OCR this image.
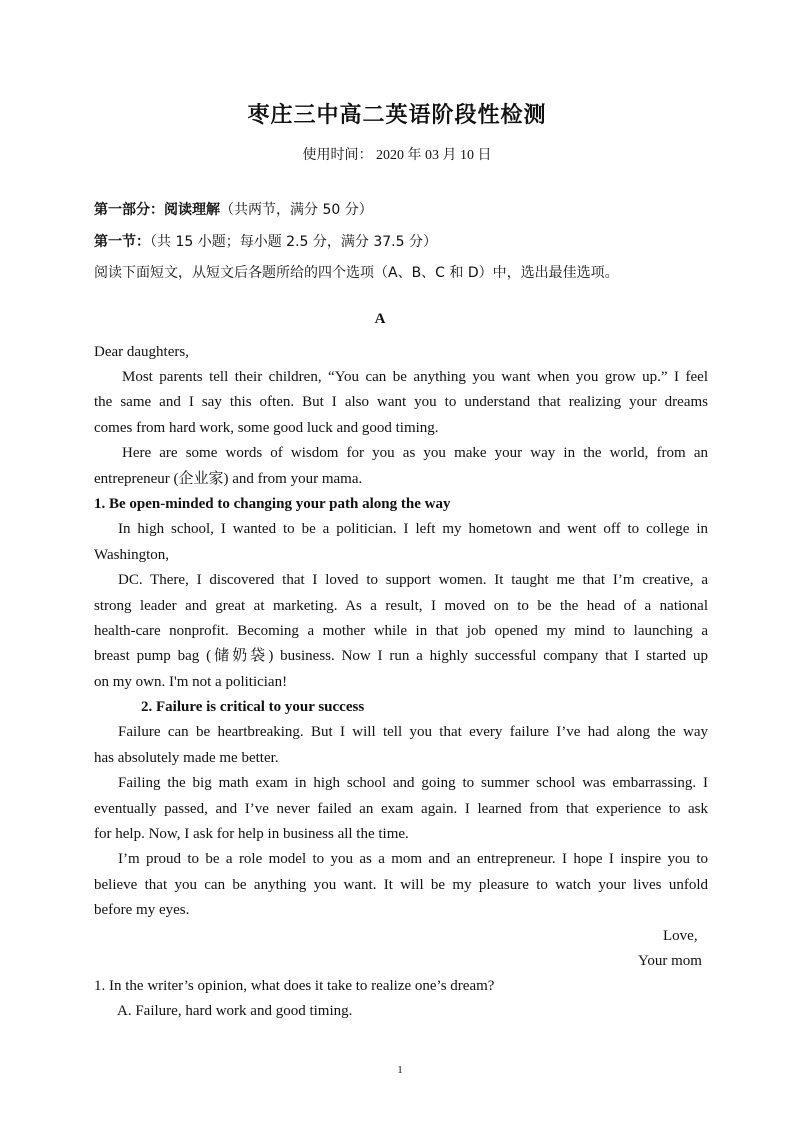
枣庄三中高二英语阶段性检测
使用时间： 2020 年 03 月 10 日
第一部分：阅读理解（共两节，满分 50 分）
第一节：（共 15 小题；每小题 2.5 分，满分 37.5 分）
阅读下面短文，从短文后各题所给的四个选项（A、B、C 和 D）中，选出最佳选项。
A
Dear daughters,
Most parents tell their children, “You can be anything you want when you grow up.” I feel
the same and I say this often. But I also want you to understand that realizing your dreams
comes from hard work, some good luck and good timing.
Here are some words of wisdom for you as you make your way in the world, from an
entrepreneur (企业家) and from your mama.
1. Be open-minded to changing your path along the way
In high school, I wanted to be a politician. I left my hometown and went off to college in
Washington,
DC. There, I discovered that I loved to support women. It taught me that I’m creative, a
strong leader and great at marketing. As a result, I moved on to be the head of a national
health-care nonprofit. Becoming a mother while in that job opened my mind to launching a
breast pump bag (储奶袋) business. Now I run a highly successful company that I started up
on my own. I'm not a politician!
2. Failure is critical to your success
Failure can be heartbreaking. But I will tell you that every failure I’ve had along the way
has absolutely made me better.
Failing the big math exam in high school and going to summer school was embarrassing. I
eventually passed, and I’ve never failed an exam again. I learned from that experience to ask
for help. Now, I ask for help in business all the time.
I’m proud to be a role model to you as a mom and an entrepreneur. I hope I inspire you to
believe that you can be anything you want. It will be my pleasure to watch your lives unfold
before my eyes.
Love,
Your mom
1. In the writer’s opinion, what does it take to realize one’s dream?
A. Failure, hard work and good timing.
1
